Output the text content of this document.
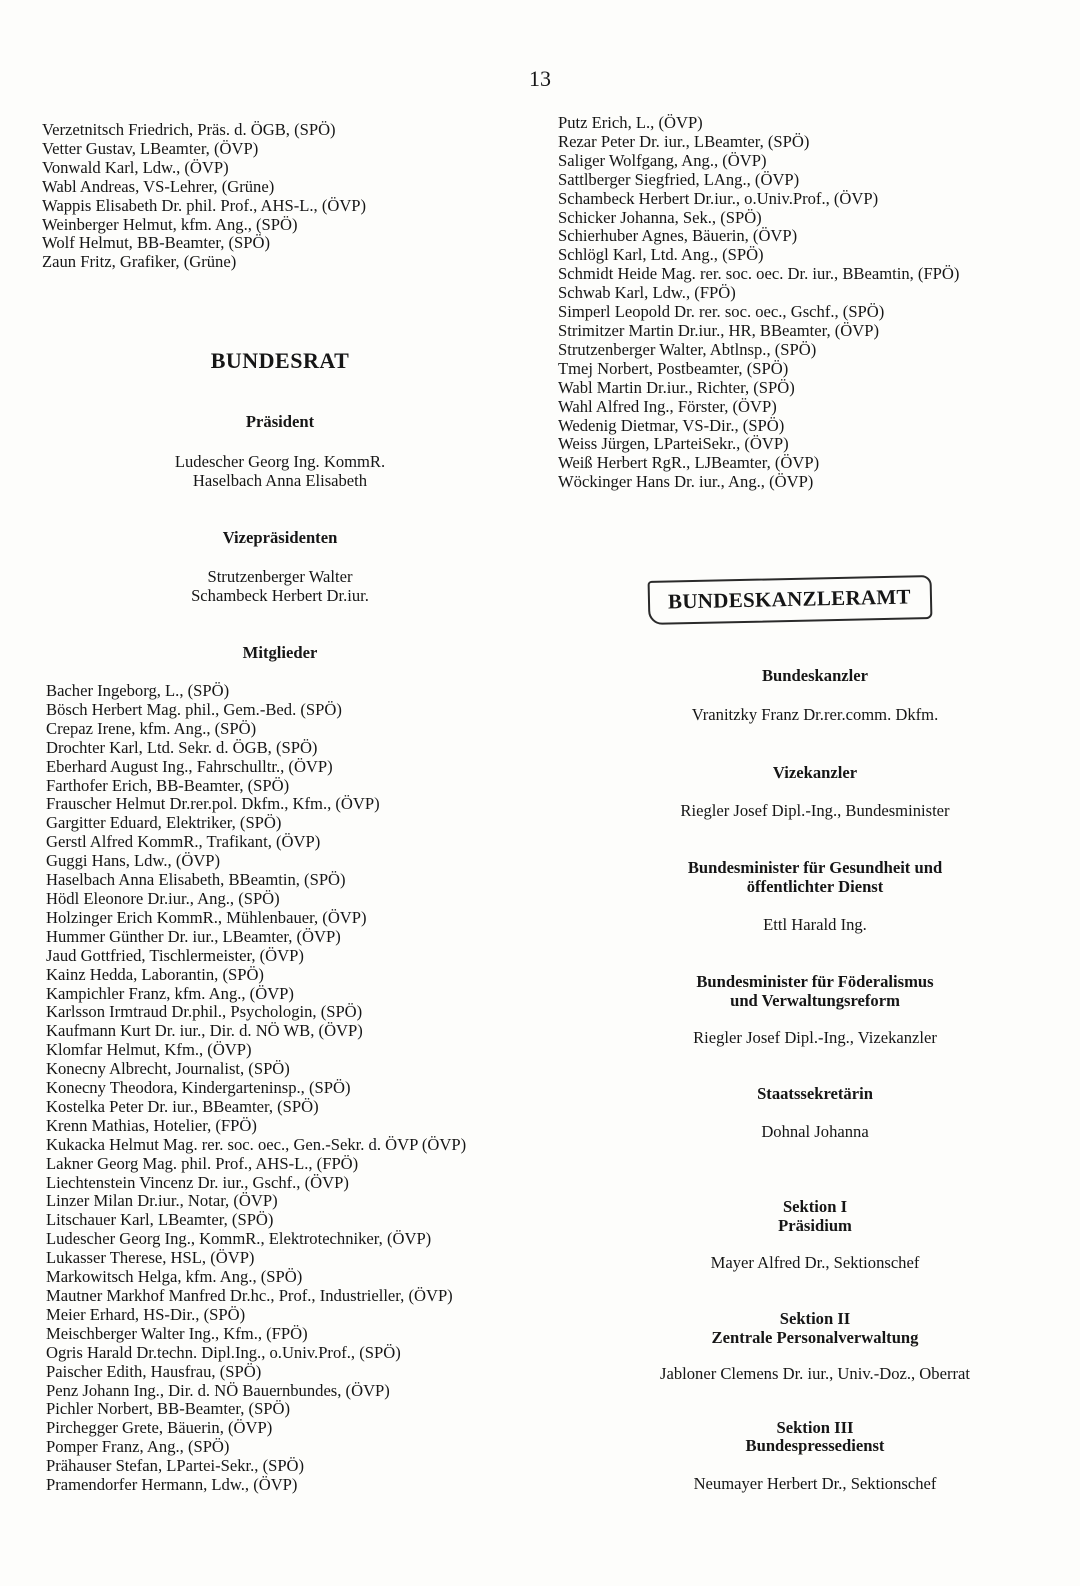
13
Verzetnitsch Friedrich, Präs. d. ÖGB, (SPÖ)
Vetter Gustav, LBeamter, (ÖVP)
Vonwald Karl, Ldw., (ÖVP)
Wabl Andreas, VS-Lehrer, (Grüne)
Wappis Elisabeth Dr. phil. Prof., AHS-L., (ÖVP)
Weinberger Helmut, kfm. Ang., (SPÖ)
Wolf Helmut, BB-Beamter, (SPÖ)
Zaun Fritz, Grafiker, (Grüne)
BUNDESRAT
Präsident
Ludescher Georg Ing. KommR.
Haselbach Anna Elisabeth
Vizepräsidenten
Strutzenberger Walter
Schambeck Herbert Dr.iur.
Mitglieder
Bacher Ingeborg, L., (SPÖ)
Bösch Herbert Mag. phil., Gem.-Bed. (SPÖ)
Crepaz Irene, kfm. Ang., (SPÖ)
Drochter Karl, Ltd. Sekr. d. ÖGB, (SPÖ)
Eberhard August Ing., Fahrschulltr., (ÖVP)
Farthofer Erich, BB-Beamter, (SPÖ)
Frauscher Helmut Dr.rer.pol. Dkfm., Kfm., (ÖVP)
Gargitter Eduard, Elektriker, (SPÖ)
Gerstl Alfred KommR., Trafikant, (ÖVP)
Guggi Hans, Ldw., (ÖVP)
Haselbach Anna Elisabeth, BBeamtin, (SPÖ)
Hödl Eleonore Dr.iur., Ang., (SPÖ)
Holzinger Erich KommR., Mühlenbauer, (ÖVP)
Hummer Günther Dr. iur., LBeamter, (ÖVP)
Jaud Gottfried, Tischlermeister, (ÖVP)
Kainz Hedda, Laborantin, (SPÖ)
Kampichler Franz, kfm. Ang., (ÖVP)
Karlsson Irmtraud Dr.phil., Psychologin, (SPÖ)
Kaufmann Kurt Dr. iur., Dir. d. NÖ WB, (ÖVP)
Klomfar Helmut, Kfm., (ÖVP)
Konecny Albrecht, Journalist, (SPÖ)
Konecny Theodora, Kindergarteninsp., (SPÖ)
Kostelka Peter Dr. iur., BBeamter, (SPÖ)
Krenn Mathias, Hotelier, (FPÖ)
Kukacka Helmut Mag. rer. soc. oec., Gen.-Sekr. d. ÖVP (ÖVP)
Lakner Georg Mag. phil. Prof., AHS-L., (FPÖ)
Liechtenstein Vincenz Dr. iur., Gschf., (ÖVP)
Linzer Milan Dr.iur., Notar, (ÖVP)
Litschauer Karl, LBeamter, (SPÖ)
Ludescher Georg Ing., KommR., Elektrotechniker, (ÖVP)
Lukasser Therese, HSL, (ÖVP)
Markowitsch Helga, kfm. Ang., (SPÖ)
Mautner Markhof Manfred Dr.hc., Prof., Industrieller, (ÖVP)
Meier Erhard, HS-Dir., (SPÖ)
Meischberger Walter Ing., Kfm., (FPÖ)
Ogris Harald Dr.techn. Dipl.Ing., o.Univ.Prof., (SPÖ)
Paischer Edith, Hausfrau, (SPÖ)
Penz Johann Ing., Dir. d. NÖ Bauernbundes, (ÖVP)
Pichler Norbert, BB-Beamter, (SPÖ)
Pirchegger Grete, Bäuerin, (ÖVP)
Pomper Franz, Ang., (SPÖ)
Prähauser Stefan, LPartei-Sekr., (SPÖ)
Pramendorfer Hermann, Ldw., (ÖVP)
Putz Erich, L., (ÖVP)
Rezar Peter Dr. iur., LBeamter, (SPÖ)
Saliger Wolfgang, Ang., (ÖVP)
Sattlberger Siegfried, LAng., (ÖVP)
Schambeck Herbert Dr.iur., o.Univ.Prof., (ÖVP)
Schicker Johanna, Sek., (SPÖ)
Schierhuber Agnes, Bäuerin, (ÖVP)
Schlögl Karl, Ltd. Ang., (SPÖ)
Schmidt Heide Mag. rer. soc. oec. Dr. iur., BBeamtin, (FPÖ)
Schwab Karl, Ldw., (FPÖ)
Simperl Leopold Dr. rer. soc. oec., Gschf., (SPÖ)
Strimitzer Martin Dr.iur., HR, BBeamter, (ÖVP)
Strutzenberger Walter, Abtlnsp., (SPÖ)
Tmej Norbert, Postbeamter, (SPÖ)
Wabl Martin Dr.iur., Richter, (SPÖ)
Wahl Alfred Ing., Förster, (ÖVP)
Wedenig Dietmar, VS-Dir., (SPÖ)
Weiss Jürgen, LParteiSekr., (ÖVP)
Weiß Herbert RgR., LJBeamter, (ÖVP)
Wöckinger Hans Dr. iur., Ang., (ÖVP)
BUNDESKANZLERAMT
Bundeskanzler
Vranitzky Franz Dr.rer.comm. Dkfm.
Vizekanzler
Riegler Josef Dipl.-Ing., Bundesminister
Bundesminister für Gesundheit und
öffentlichter Dienst
Ettl Harald Ing.
Bundesminister für Föderalismus
und Verwaltungsreform
Riegler Josef Dipl.-Ing., Vizekanzler
Staatssekretärin
Dohnal Johanna
Sektion I
Präsidium
Mayer Alfred Dr., Sektionschef
Sektion II
Zentrale Personalverwaltung
Jabloner Clemens Dr. iur., Univ.-Doz., Oberrat
Sektion III
Bundespressedienst
Neumayer Herbert Dr., Sektionschef
